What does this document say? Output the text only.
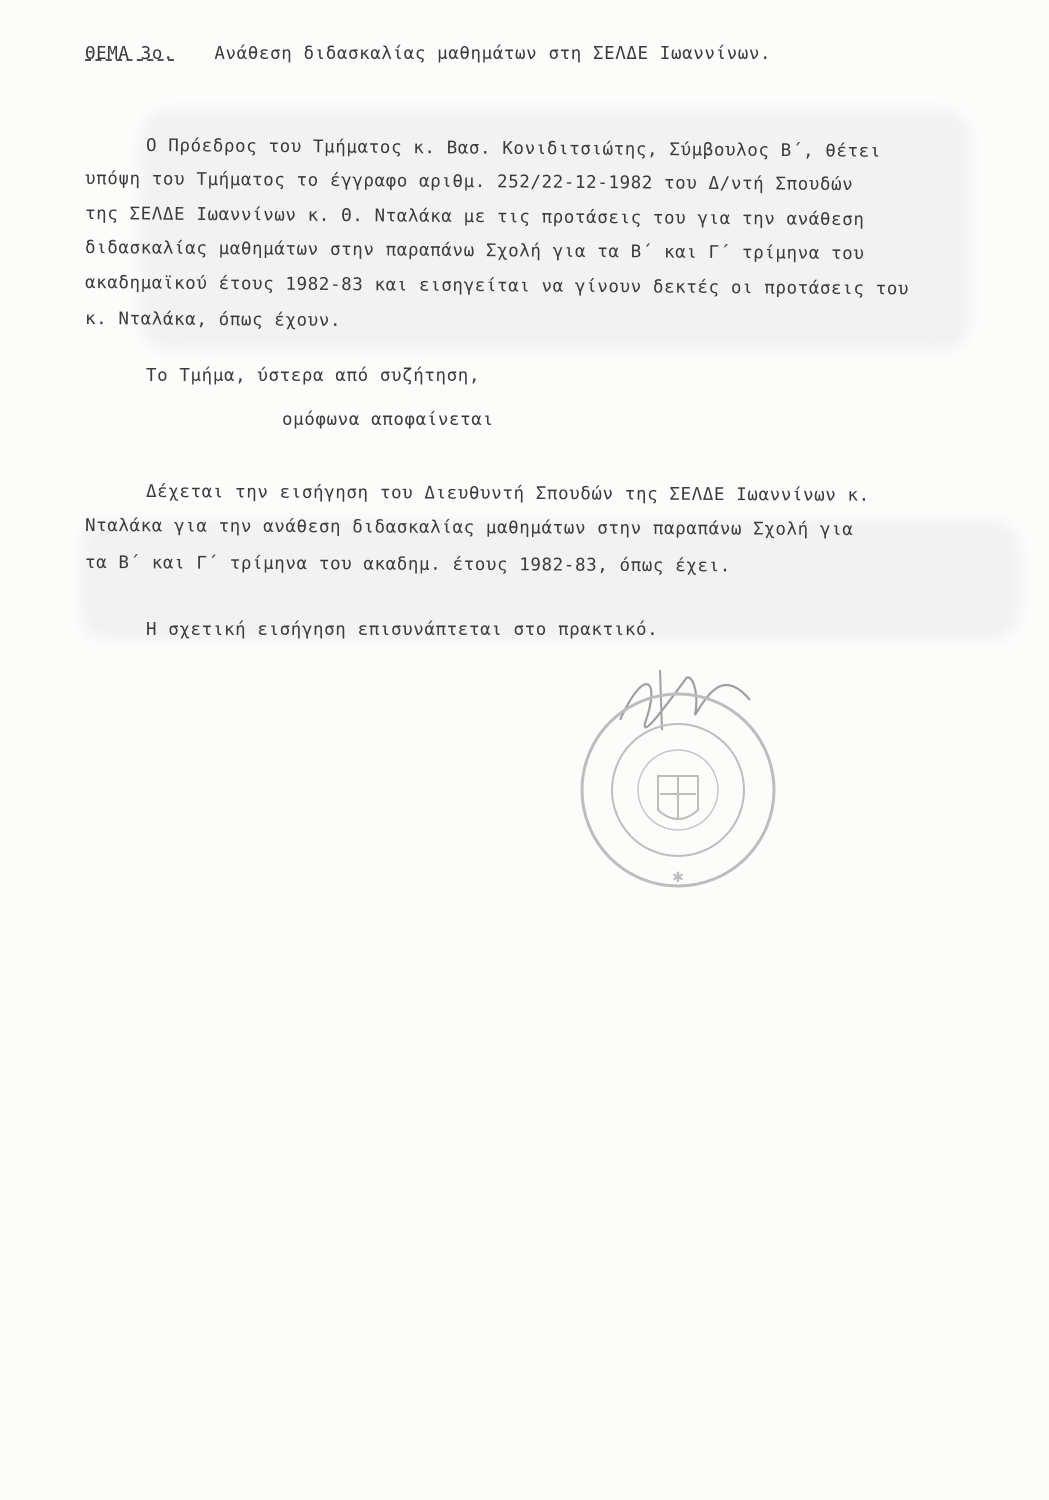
ΘΕΜΑ 3ο. Ανάθεση διδασκαλίας μαθημάτων στη ΣΕΛΔΕ Ιωαννίνων.
Ο Πρόεδρος του Τμήματος κ. Βασ. Κονιδιτσιώτης, Σύμβουλος Β΄, θέτει
υπόψη του Τμήματος το έγγραφο αριθμ. 252/22-12-1982 του Δ/ντή Σπουδών
της ΣΕΛΔΕ Ιωαννίνων κ. Θ. Νταλάκα με τις προτάσεις του για την ανάθεση
διδασκαλίας μαθημάτων στην παραπάνω Σχολή για τα Β΄ και Γ΄ τρίμηνα του
ακαδημαϊκού έτους 1982-83 και εισηγείται να γίνουν δεκτές οι προτάσεις του
κ. Νταλάκα, όπως έχουν.
Το Τμήμα, ύστερα από συζήτηση,
ομόφωνα αποφαίνεται
Δέχεται την εισήγηση του Διευθυντή Σπουδών της ΣΕΛΔΕ Ιωαννίνων κ.
Νταλάκα για την ανάθεση διδασκαλίας μαθημάτων στην παραπάνω Σχολή για
τα Β΄ και Γ΄ τρίμηνα του ακαδημ. έτους 1982-83, όπως έχει.
Η σχετική εισήγηση επισυνάπτεται στο πρακτικό.
✱
